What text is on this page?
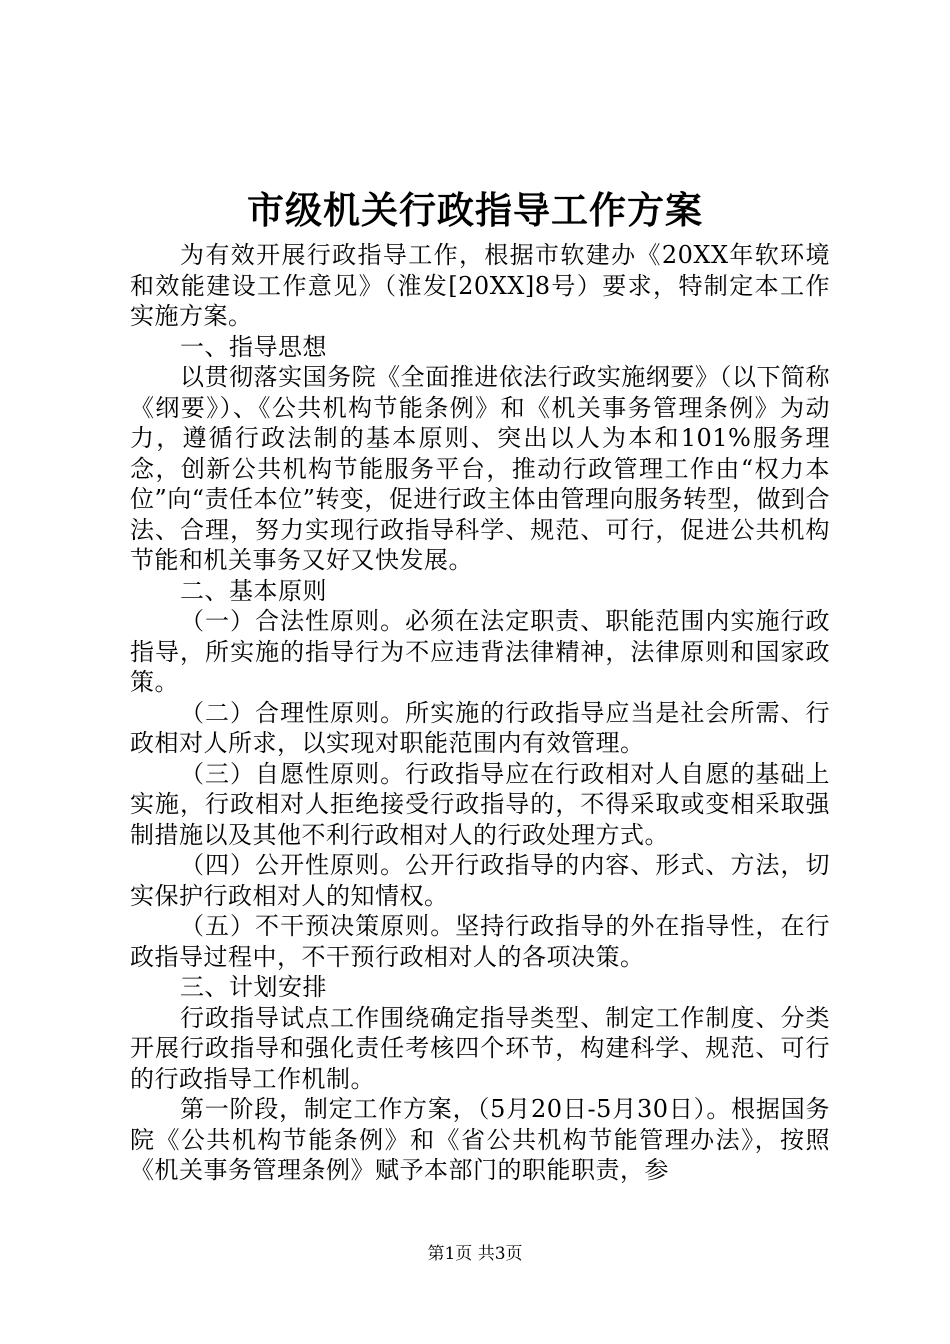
市级机关行政指导工作方案

为有效开展行政指导工作，根据市软建办《20XX年软环境和效能建设工作意见》（淮发[20XX]8号）要求，特制定本工作实施方案。

一、指导思想

以贯彻落实国务院《全面推进依法行政实施纲要》（以下简称《纲要》）、《公共机构节能条例》和《机关事务管理条例》为动力，遵循行政法制的基本原则、突出以人为本和101%服务理念，创新公共机构节能服务平台，推动行政管理工作由“权力本位”向“责任本位”转变，促进行政主体由管理向服务转型，做到合法、合理，努力实现行政指导科学、规范、可行，促进公共机构节能和机关事务又好又快发展。

二、基本原则

（一）合法性原则。必须在法定职责、职能范围内实施行政指导，所实施的指导行为不应违背法律精神，法律原则和国家政策。

（二）合理性原则。所实施的行政指导应当是社会所需、行政相对人所求，以实现对职能范围内有效管理。

（三）自愿性原则。行政指导应在行政相对人自愿的基础上实施，行政相对人拒绝接受行政指导的，不得采取或变相采取强制措施以及其他不利行政相对人的行政处理方式。

（四）公开性原则。公开行政指导的内容、形式、方法，切实保护行政相对人的知情权。

（五）不干预决策原则。坚持行政指导的外在指导性，在行政指导过程中，不干预行政相对人的各项决策。

三、计划安排

行政指导试点工作围绕确定指导类型、制定工作制度、分类开展行政指导和强化责任考核四个环节，构建科学、规范、可行的行政指导工作机制。

第一阶段，制定工作方案，（5月20日-5月30日）。根据国务院《公共机构节能条例》和《省公共机构节能管理办法》，按照《机关事务管理条例》赋予本部门的职能职责，参

第1页 共3页
